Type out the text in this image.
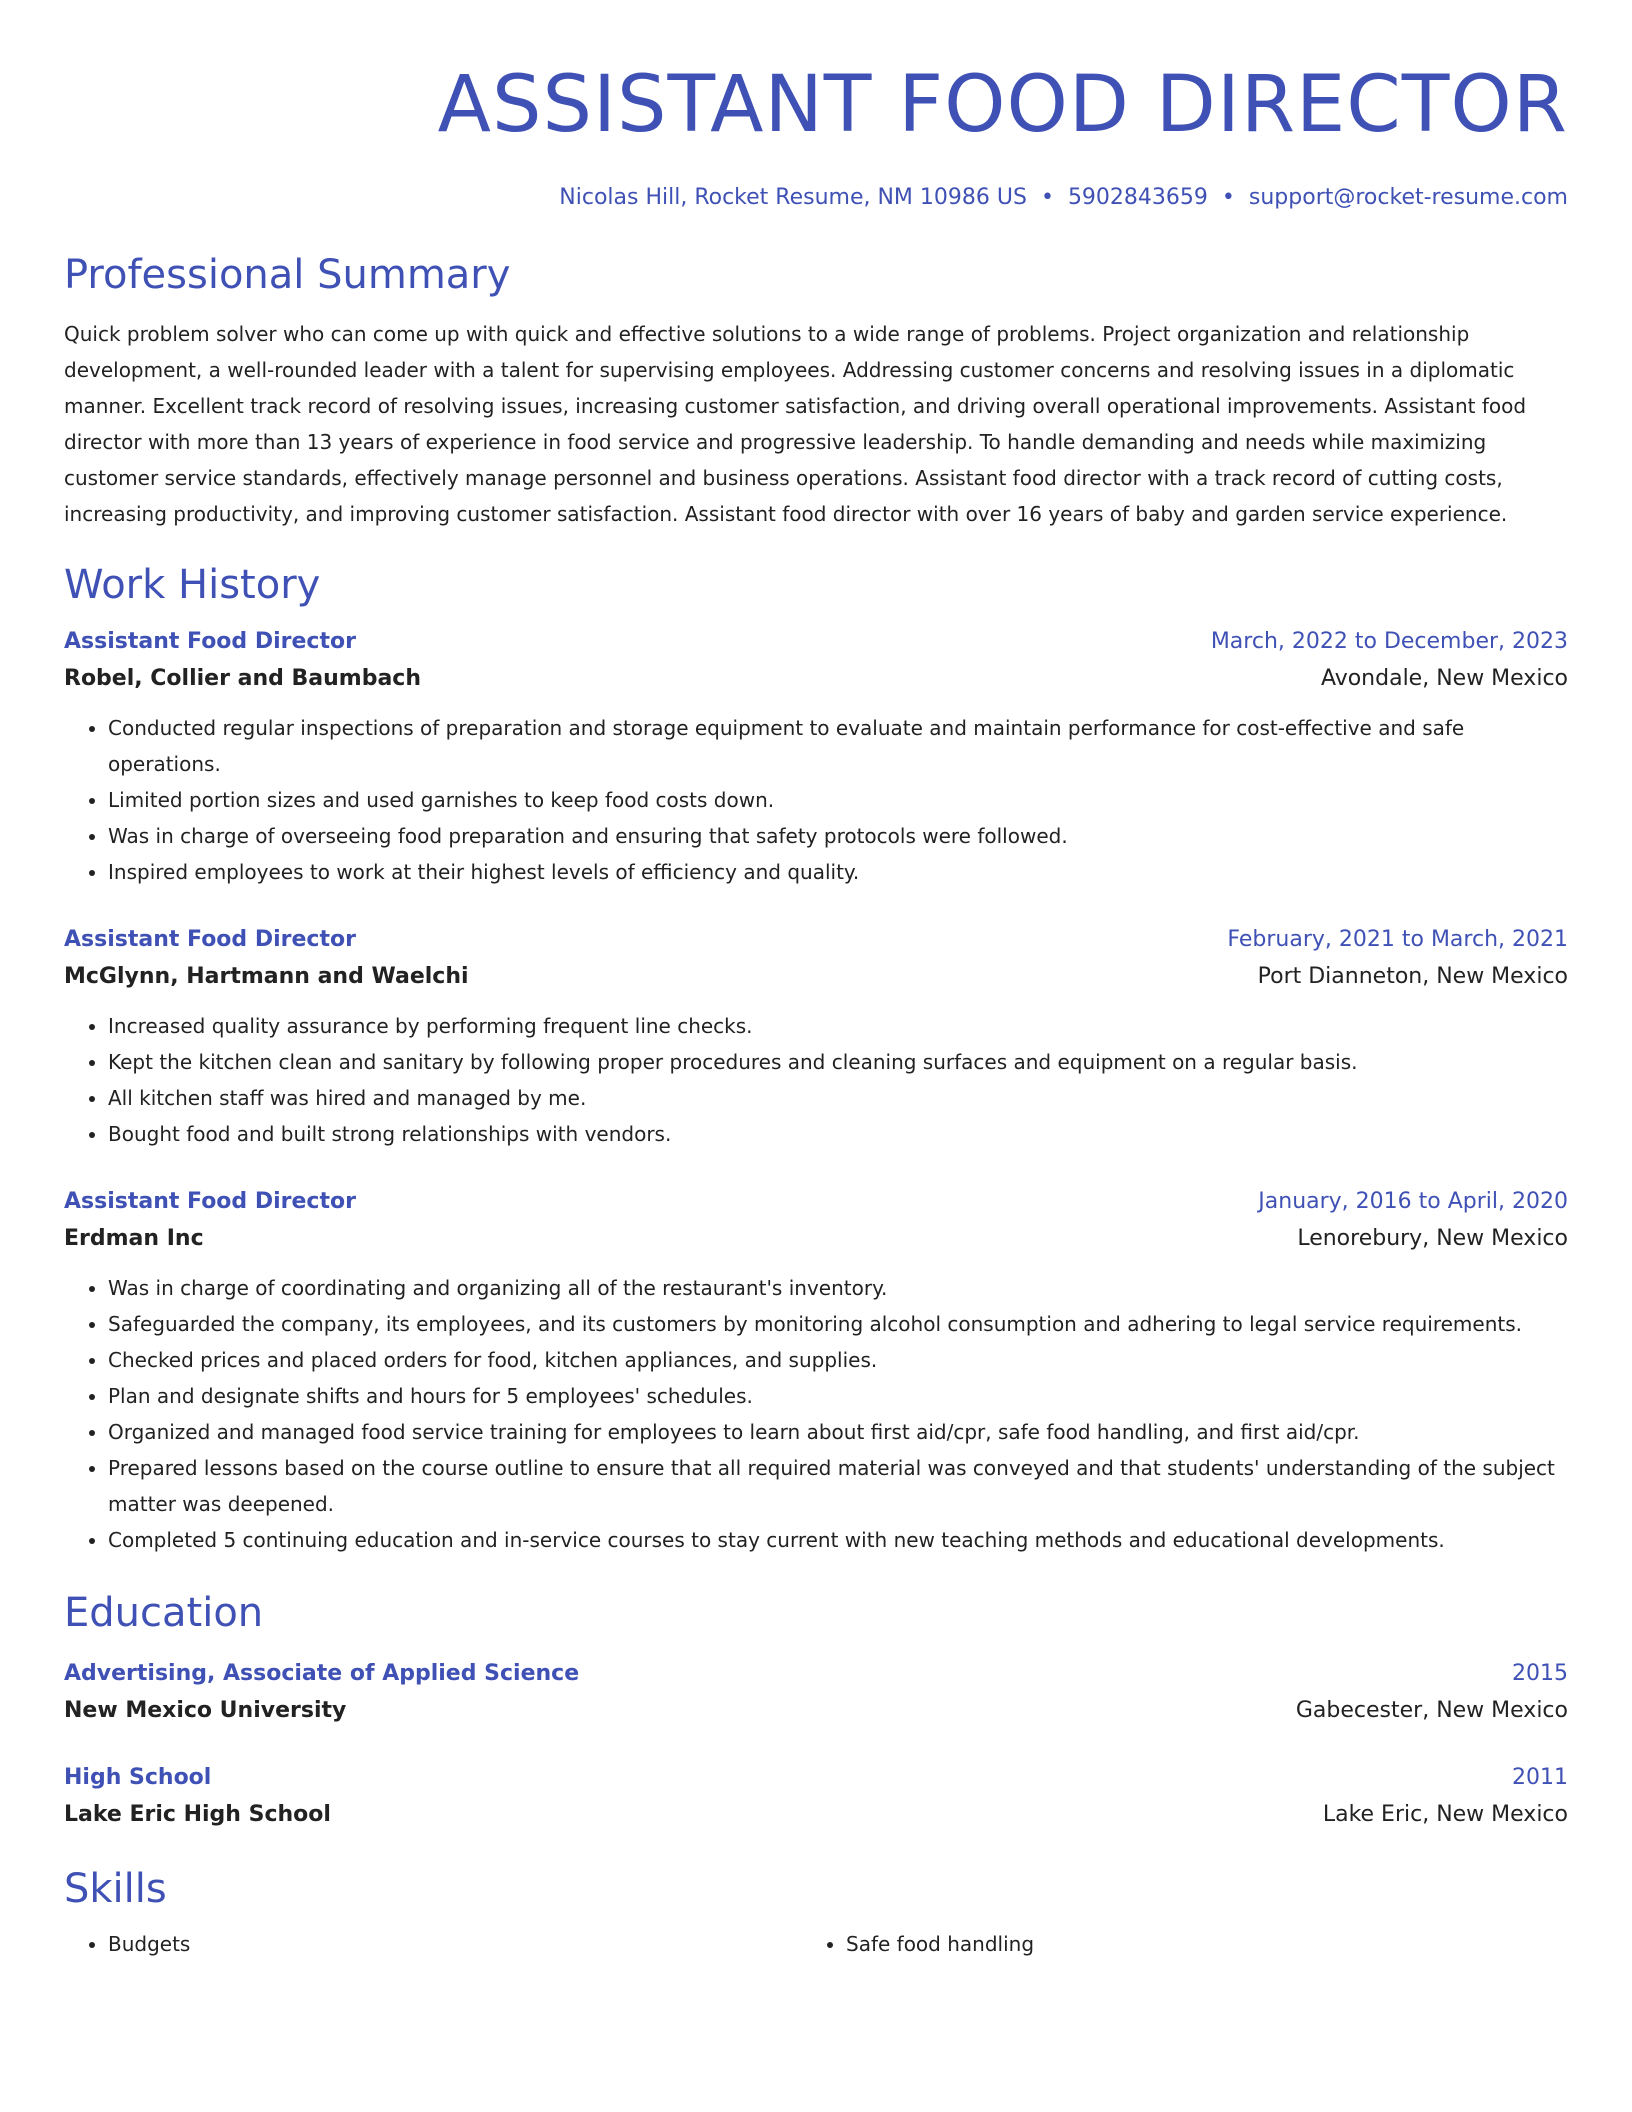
ASSISTANT FOOD DIRECTOR
Nicolas Hill, Rocket Resume, NM 10986 US • 5902843659 • support@rocket-resume.com
Professional Summary
Quick problem solver who can come up with quick and effective solutions to a wide range of problems. Project organization and relationship development, a well-rounded leader with a talent for supervising employees. Addressing customer concerns and resolving issues in a diplomatic manner. Excellent track record of resolving issues, increasing customer satisfaction, and driving overall operational improvements. Assistant food director with more than 13 years of experience in food service and progressive leadership. To handle demanding and needs while maximizing customer service standards, effectively manage personnel and business operations. Assistant food director with a track record of cutting costs, increasing productivity, and improving customer satisfaction. Assistant food director with over 16 years of baby and garden service experience.
Work History
Assistant Food Director	March, 2022 to December, 2023
Robel, Collier and Baumbach	Avondale, New Mexico
• Conducted regular inspections of preparation and storage equipment to evaluate and maintain performance for cost-effective and safe operations.
• Limited portion sizes and used garnishes to keep food costs down.
• Was in charge of overseeing food preparation and ensuring that safety protocols were followed.
• Inspired employees to work at their highest levels of efficiency and quality.
Assistant Food Director	February, 2021 to March, 2021
McGlynn, Hartmann and Waelchi	Port Dianneton, New Mexico
• Increased quality assurance by performing frequent line checks.
• Kept the kitchen clean and sanitary by following proper procedures and cleaning surfaces and equipment on a regular basis.
• All kitchen staff was hired and managed by me.
• Bought food and built strong relationships with vendors.
Assistant Food Director	January, 2016 to April, 2020
Erdman Inc	Lenorebury, New Mexico
• Was in charge of coordinating and organizing all of the restaurant's inventory.
• Safeguarded the company, its employees, and its customers by monitoring alcohol consumption and adhering to legal service requirements.
• Checked prices and placed orders for food, kitchen appliances, and supplies.
• Plan and designate shifts and hours for 5 employees' schedules.
• Organized and managed food service training for employees to learn about first aid/cpr, safe food handling, and first aid/cpr.
• Prepared lessons based on the course outline to ensure that all required material was conveyed and that students' understanding of the subject matter was deepened.
• Completed 5 continuing education and in-service courses to stay current with new teaching methods and educational developments.
Education
Advertising, Associate of Applied Science	2015
New Mexico University	Gabecester, New Mexico
High School	2011
Lake Eric High School	Lake Eric, New Mexico
Skills
• Budgets
•	Safe food handling
